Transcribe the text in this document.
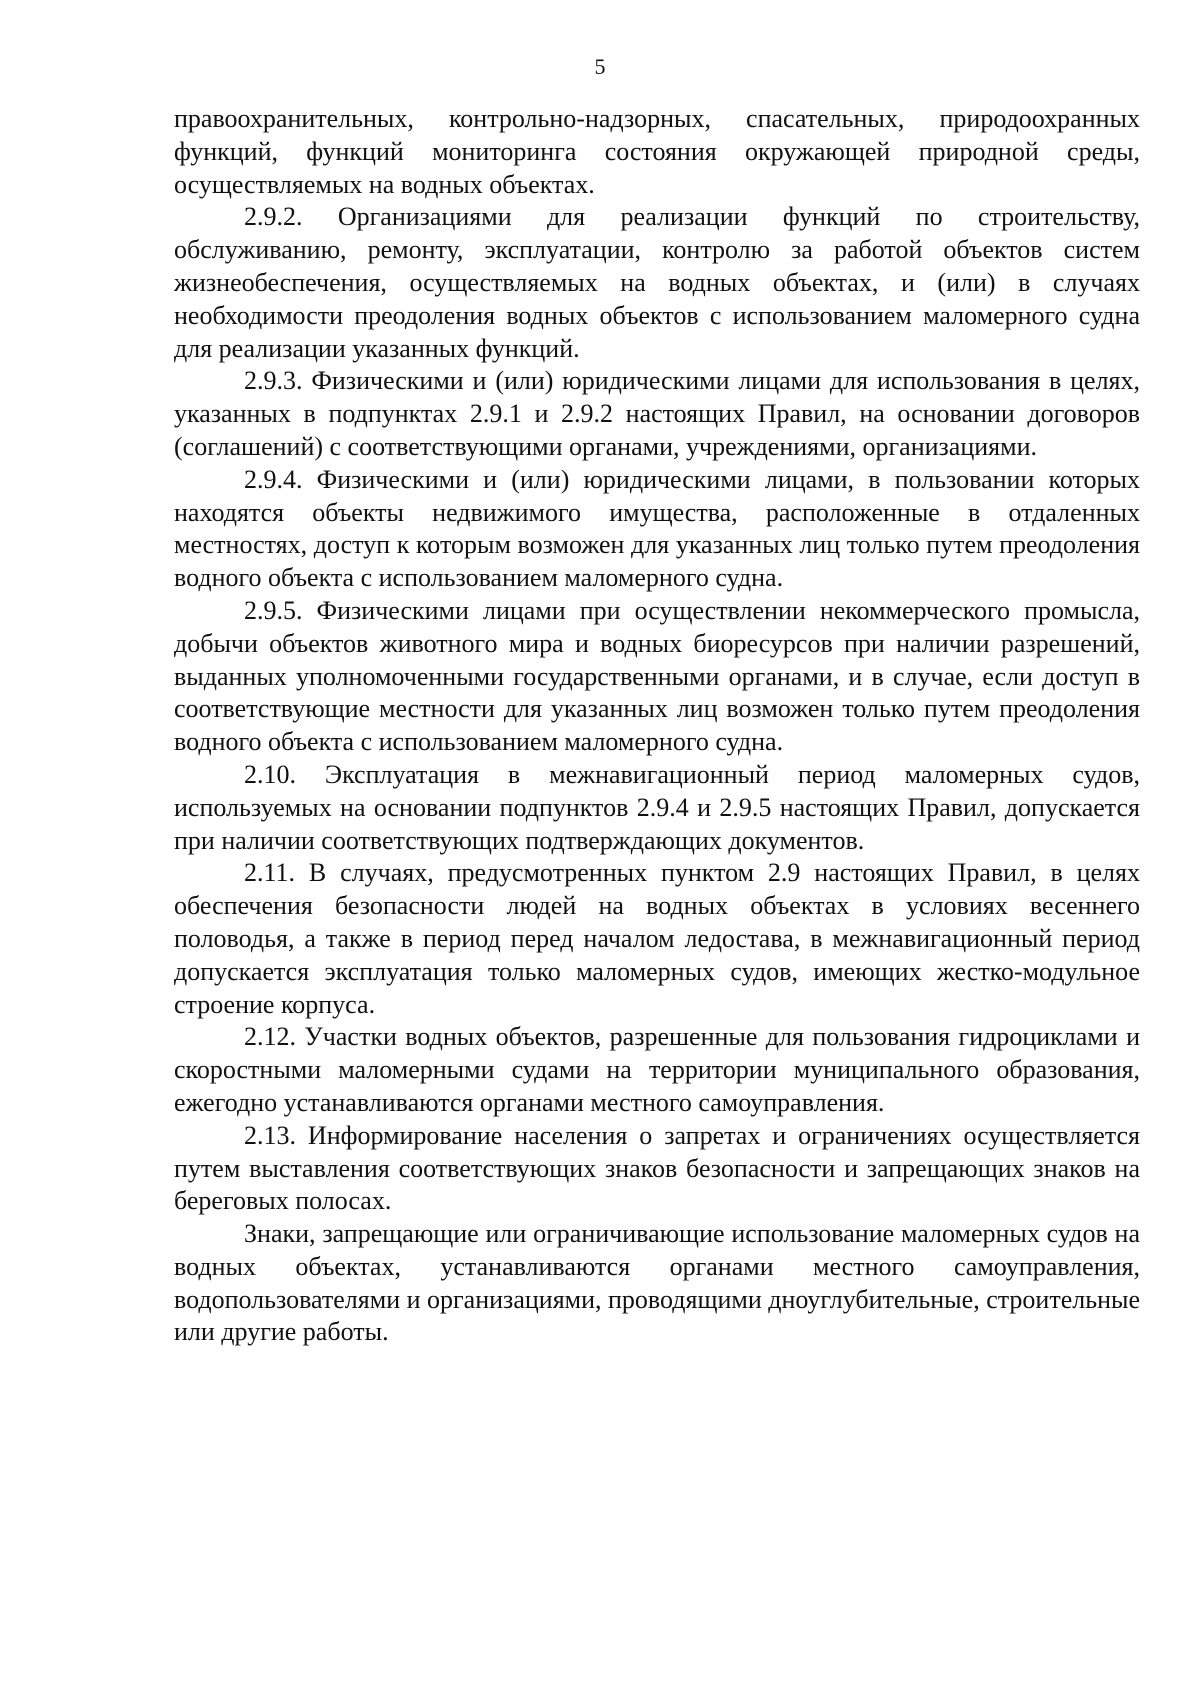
5

правоохранительных, контрольно-надзорных, спасательных, природоохранных функций, функций мониторинга состояния окружающей природной среды, осуществляемых на водных объектах.

2.9.2. Организациями для реализации функций по строительству, обслуживанию, ремонту, эксплуатации, контролю за работой объектов систем жизнеобеспечения, осуществляемых на водных объектах, и (или) в случаях необходимости преодоления водных объектов с использованием маломерного судна для реализации указанных функций.

2.9.3. Физическими и (или) юридическими лицами для использования в целях, указанных в подпунктах 2.9.1 и 2.9.2 настоящих Правил, на основании договоров (соглашений) с соответствующими органами, учреждениями, организациями.

2.9.4. Физическими и (или) юридическими лицами, в пользовании которых находятся объекты недвижимого имущества, расположенные в отдаленных местностях, доступ к которым возможен для указанных лиц только путем преодоления водного объекта с использованием маломерного судна.

2.9.5. Физическими лицами при осуществлении некоммерческого промысла, добычи объектов животного мира и водных биоресурсов при наличии разрешений, выданных уполномоченными государственными органами, и в случае, если доступ в соответствующие местности для указанных лиц возможен только путем преодоления водного объекта с использованием маломерного судна.

2.10. Эксплуатация в межнавигационный период маломерных судов, используемых на основании подпунктов 2.9.4 и 2.9.5 настоящих Правил, допускается при наличии соответствующих подтверждающих документов.

2.11. В случаях, предусмотренных пунктом 2.9 настоящих Правил, в целях обеспечения безопасности людей на водных объектах в условиях весеннего половодья, а также в период перед началом ледостава, в межнавигационный период допускается эксплуатация только маломерных судов, имеющих жестко-модульное строение корпуса.

2.12. Участки водных объектов, разрешенные для пользования гидроциклами и скоростными маломерными судами на территории муниципального образования, ежегодно устанавливаются органами местного самоуправления.

2.13. Информирование населения о запретах и ограничениях осуществляется путем выставления соответствующих знаков безопасности и запрещающих знаков на береговых полосах.

Знаки, запрещающие или ограничивающие использование маломерных судов на водных объектах, устанавливаются органами местного самоуправления, водопользователями и организациями, проводящими дноуглубительные, строительные или другие работы.
